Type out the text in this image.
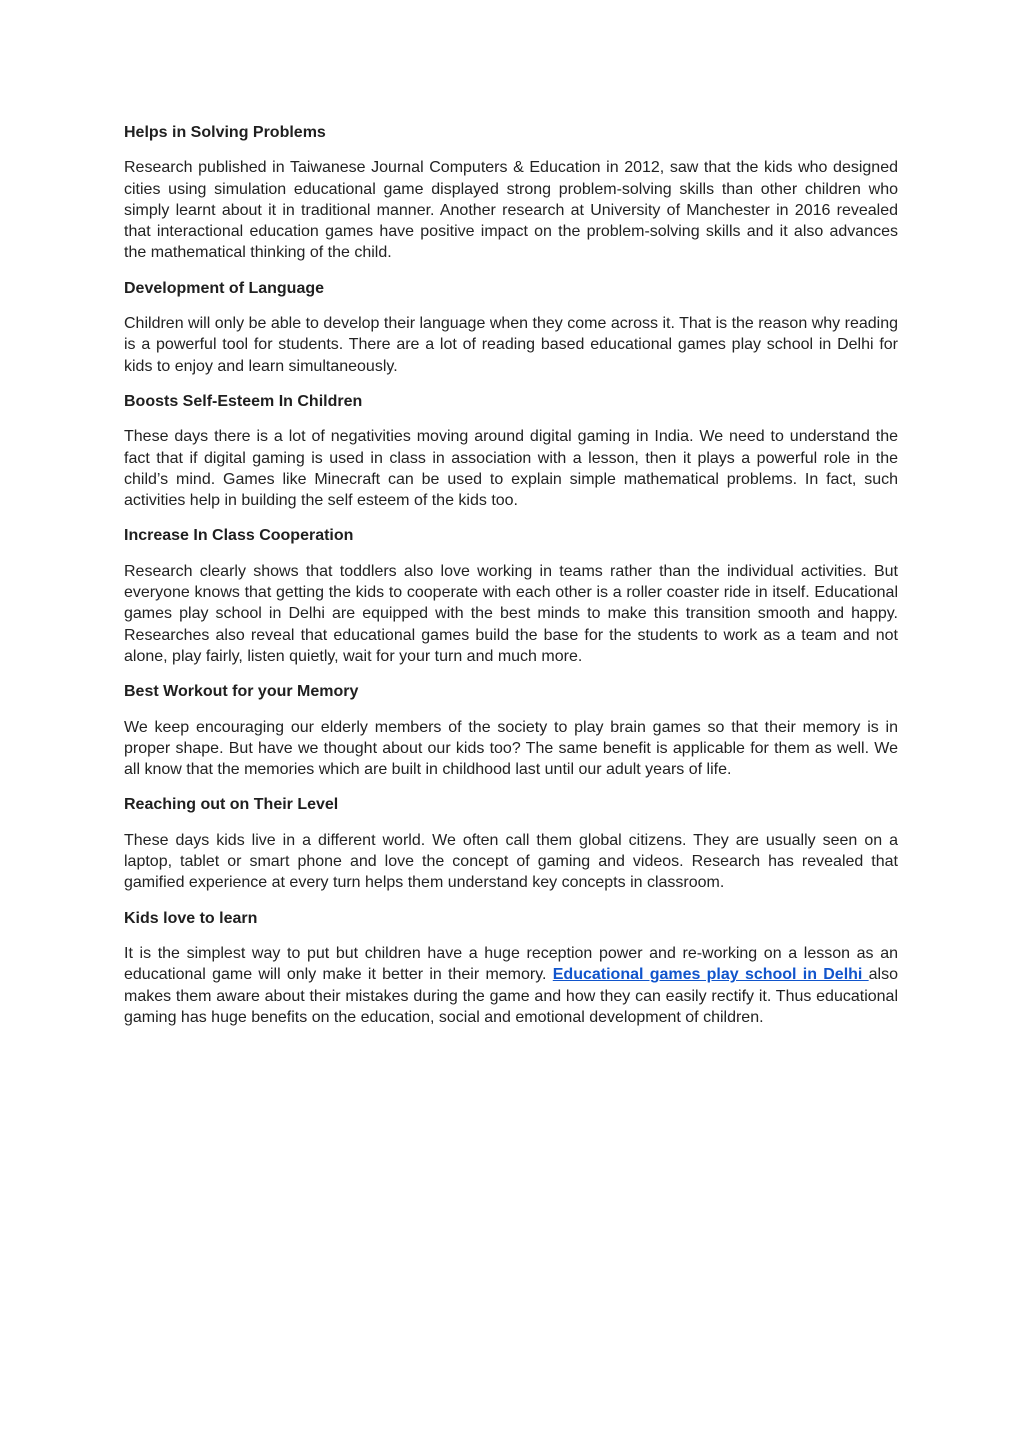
Helps in Solving Problems

Research published in Taiwanese Journal Computers & Education in 2012, saw that the kids who designed cities using simulation educational game displayed strong problem-solving skills than other children who simply learnt about it in traditional manner. Another research at University of Manchester in 2016 revealed that interactional education games have positive impact on the problem-solving skills and it also advances the mathematical thinking of the child.

Development of Language

Children will only be able to develop their language when they come across it. That is the reason why reading is a powerful tool for students. There are a lot of reading based educational games play school in Delhi for kids to enjoy and learn simultaneously.

Boosts Self-Esteem In Children

These days there is a lot of negativities moving around digital gaming in India. We need to understand the fact that if digital gaming is used in class in association with a lesson, then it plays a powerful role in the child’s mind. Games like Minecraft can be used to explain simple mathematical problems. In fact, such activities help in building the self esteem of the kids too.

Increase In Class Cooperation

Research clearly shows that toddlers also love working in teams rather than the individual activities. But everyone knows that getting the kids to cooperate with each other is a roller coaster ride in itself. Educational games play school in Delhi are equipped with the best minds to make this transition smooth and happy. Researches also reveal that educational games build the base for the students to work as a team and not alone, play fairly, listen quietly, wait for your turn and much more.

Best Workout for your Memory

We keep encouraging our elderly members of the society to play brain games so that their memory is in proper shape. But have we thought about our kids too? The same benefit is applicable for them as well. We all know that the memories which are built in childhood last until our adult years of life.

Reaching out on Their Level

These days kids live in a different world. We often call them global citizens. They are usually seen on a laptop, tablet or smart phone and love the concept of gaming and videos. Research has revealed that gamified experience at every turn helps them understand key concepts in classroom.

Kids love to learn

It is the simplest way to put but children have a huge reception power and re-working on a lesson as an educational game will only make it better in their memory. Educational games play school in Delhi also makes them aware about their mistakes during the game and how they can easily rectify it. Thus educational gaming has huge benefits on the education, social and emotional development of children.
